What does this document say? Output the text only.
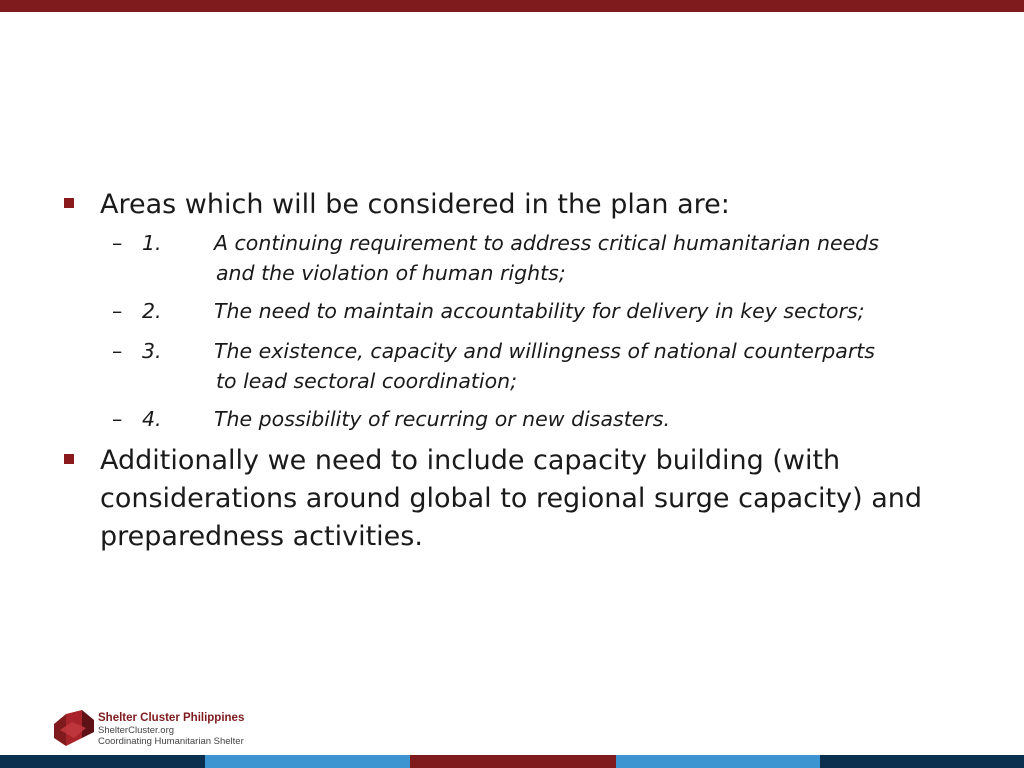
Areas which will be considered in the plan are:
– 1.	A continuing requirement to address critical humanitarian needs
and the violation of human rights;
– 2.	The need to maintain accountability for delivery in key sectors;
– 3.	The existence, capacity and willingness of national counterparts
to lead sectoral coordination;
– 4.	The possibility of recurring or new disasters.
Additionally we need to include capacity building (with considerations around global to regional surge capacity) and preparedness activities.
Shelter Cluster Philippines
ShelterCluster.org
Coordinating Humanitarian Shelter
